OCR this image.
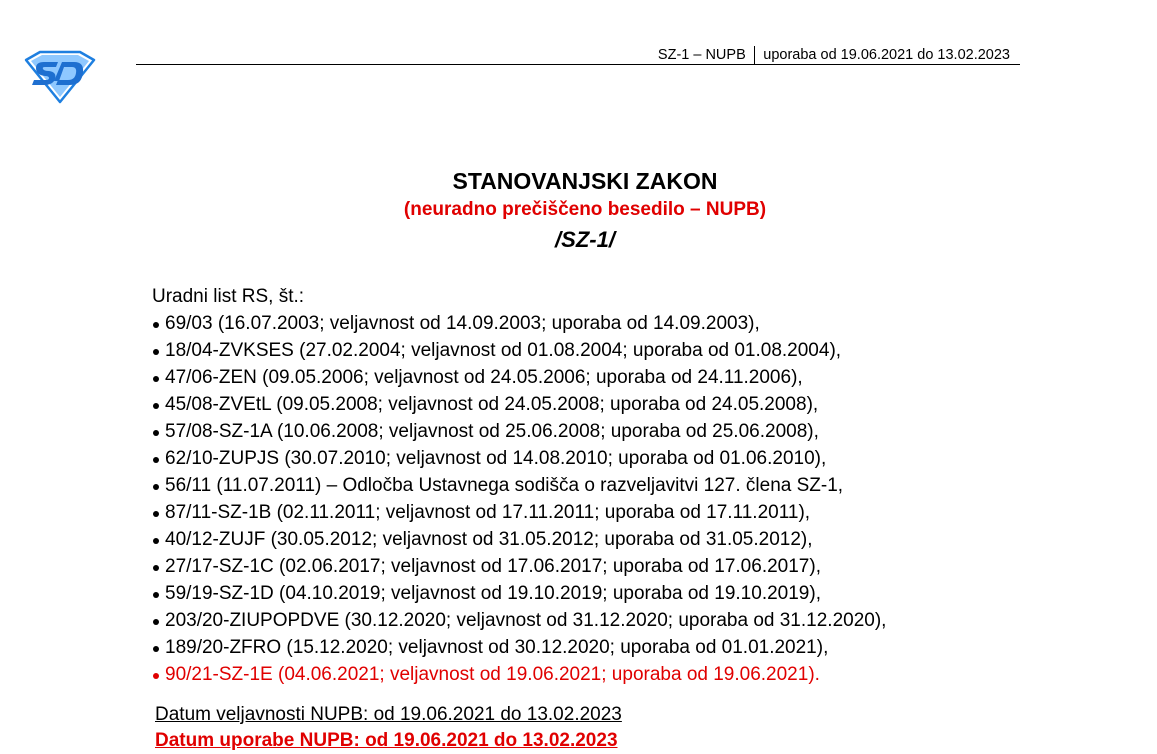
SZ-1 – NUPB uporaba od 19.06.2021 do 13.02.2023
STANOVANJSKI ZAKON
(neuradno prečiščeno besedilo – NUPB)
/SZ-1/
Uradni list RS, št.:
69/03 (16.07.2003; veljavnost od 14.09.2003; uporaba od 14.09.2003),
18/04-ZVKSES (27.02.2004; veljavnost od 01.08.2004; uporaba od 01.08.2004),
47/06-ZEN (09.05.2006; veljavnost od 24.05.2006; uporaba od 24.11.2006),
45/08-ZVEtL (09.05.2008; veljavnost od 24.05.2008; uporaba od 24.05.2008),
57/08-SZ-1A (10.06.2008; veljavnost od 25.06.2008; uporaba od 25.06.2008),
62/10-ZUPJS (30.07.2010; veljavnost od 14.08.2010; uporaba od 01.06.2010),
56/11 (11.07.2011) – Odločba Ustavnega sodišča o razveljavitvi 127. člena SZ-1,
87/11-SZ-1B (02.11.2011; veljavnost od 17.11.2011; uporaba od 17.11.2011),
40/12-ZUJF (30.05.2012; veljavnost od 31.05.2012; uporaba od 31.05.2012),
27/17-SZ-1C (02.06.2017; veljavnost od 17.06.2017; uporaba od 17.06.2017),
59/19-SZ-1D (04.10.2019; veljavnost od 19.10.2019; uporaba od 19.10.2019),
203/20-ZIUPOPDVE (30.12.2020; veljavnost od 31.12.2020; uporaba od 31.12.2020),
189/20-ZFRO (15.12.2020; veljavnost od 30.12.2020; uporaba od 01.01.2021),
90/21-SZ-1E (04.06.2021; veljavnost od 19.06.2021; uporaba od 19.06.2021).
Datum veljavnosti NUPB: od 19.06.2021 do 13.02.2023
Datum uporabe NUPB: od 19.06.2021 do 13.02.2023
